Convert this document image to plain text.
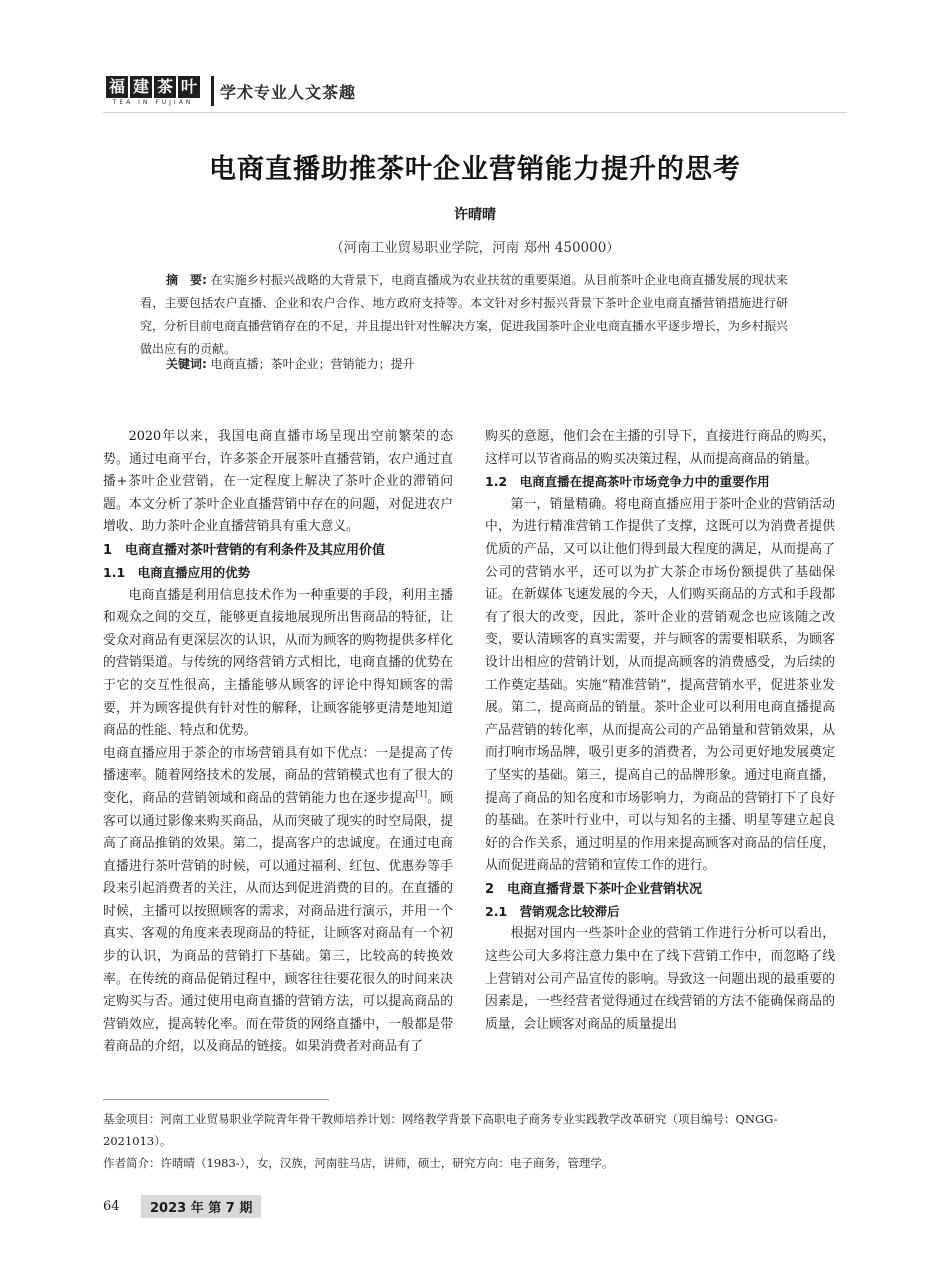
福 建 茶 叶
TEA IN FUJIAN
学术专业人文茶趣
电商直播助推茶叶企业营销能力提升的思考
许晴晴
（河南工业贸易职业学院，河南 郑州 450000）
摘　要: 在实施乡村振兴战略的大背景下，电商直播成为农业扶贫的重要渠道。从目前茶叶企业电商直播发展的现状来看，主要包括农户直播、企业和农户合作、地方政府支持等。本文针对乡村振兴背景下茶叶企业电商直播营销措施进行研究，分析目前电商直播营销存在的不足，并且提出针对性解决方案，促进我国茶叶企业电商直播水平逐步增长，为乡村振兴做出应有的贡献。
关键词: 电商直播；茶叶企业；营销能力；提升

2020年以来，我国电商直播市场呈现出空前繁荣的态势。通过电商平台，许多茶企开展茶叶直播营销，农户通过直播+茶叶企业营销，在一定程度上解决了茶叶企业的滞销问题。本文分析了茶叶企业直播营销中存在的问题，对促进农户增收、助力茶叶企业直播营销具有重大意义。

1　电商直播对茶叶营销的有利条件及其应用价值

1.1　电商直播应用的优势

电商直播是利用信息技术作为一种重要的手段，利用主播和观众之间的交互，能够更直接地展现所出售商品的特征，让受众对商品有更深层次的认识，从而为顾客的购物提供多样化的营销渠道。与传统的网络营销方式相比，电商直播的优势在于它的交互性很高，主播能够从顾客的评论中得知顾客的需要，并为顾客提供有针对性的解释，让顾客能够更清楚地知道商品的性能、特点和优势。

电商直播应用于茶企的市场营销具有如下优点：一是提高了传播速率。随着网络技术的发展，商品的营销模式也有了很大的变化，商品的营销领域和商品的营销能力也在逐步提高[1]。顾客可以通过影像来购买商品，从而突破了现实的时空局限，提高了商品推销的效果。第二，提高客户的忠诚度。在通过电商直播进行茶叶营销的时候，可以通过福利、红包、优惠券等手段来引起消费者的关注，从而达到促进消费的目的。在直播的时候，主播可以按照顾客的需求，对商品进行演示，并用一个真实、客观的角度来表现商品的特征，让顾客对商品有一个初步的认识，为商品的营销打下基础。第三，比较高的转换效率。在传统的商品促销过程中，顾客往往要花很久的时间来决定购买与否。通过使用电商直播的营销方法，可以提高商品的营销效应，提高转化率。而在带货的网络直播中，一般都是带着商品的介绍，以及商品的链接。如果消费者对商品有了

购买的意愿，他们会在主播的引导下，直接进行商品的购买，这样可以节省商品的购买决策过程，从而提高商品的销量。

1.2　电商直播在提高茶叶市场竞争力中的重要作用

第一，销量精确。将电商直播应用于茶叶企业的营销活动中，为进行精准营销工作提供了支撑，这既可以为消费者提供优质的产品，又可以让他们得到最大程度的满足，从而提高了公司的营销水平，还可以为扩大茶企市场份额提供了基础保证。在新媒体飞速发展的今天，人们购买商品的方式和手段都有了很大的改变，因此，茶叶企业的营销观念也应该随之改变，要认清顾客的真实需要，并与顾客的需要相联系，为顾客设计出相应的营销计划，从而提高顾客的消费感受，为后续的工作奠定基础。实施“精准营销”，提高营销水平，促进茶业发展。第二，提高商品的销量。茶叶企业可以利用电商直播提高产品营销的转化率，从而提高公司的产品销量和营销效果，从而打响市场品牌，吸引更多的消费者，为公司更好地发展奠定了坚实的基础。第三，提高自己的品牌形象。通过电商直播，提高了商品的知名度和市场影响力，为商品的营销打下了良好的基础。在茶叶行业中，可以与知名的主播、明星等建立起良好的合作关系，通过明星的作用来提高顾客对商品的信任度，从而促进商品的营销和宣传工作的进行。

2　电商直播背景下茶叶企业营销状况

2.1　营销观念比较滞后

根据对国内一些茶叶企业的营销工作进行分析可以看出，这些公司大多将注意力集中在了线下营销工作中，而忽略了线上营销对公司产品宣传的影响。导致这一问题出现的最重要的因素是，一些经营者觉得通过在线营销的方法不能确保商品的质量，会让顾客对商品的质量提出

基金项目：河南工业贸易职业学院青年骨干教师培养计划：网络教学背景下高职电子商务专业实践教学改革研究（项目编号：QNGG-2021013）。

作者简介：许晴晴（1983-），女，汉族，河南驻马店，讲师，硕士，研究方向：电子商务，管理学。

64	2023 年 第 7 期
